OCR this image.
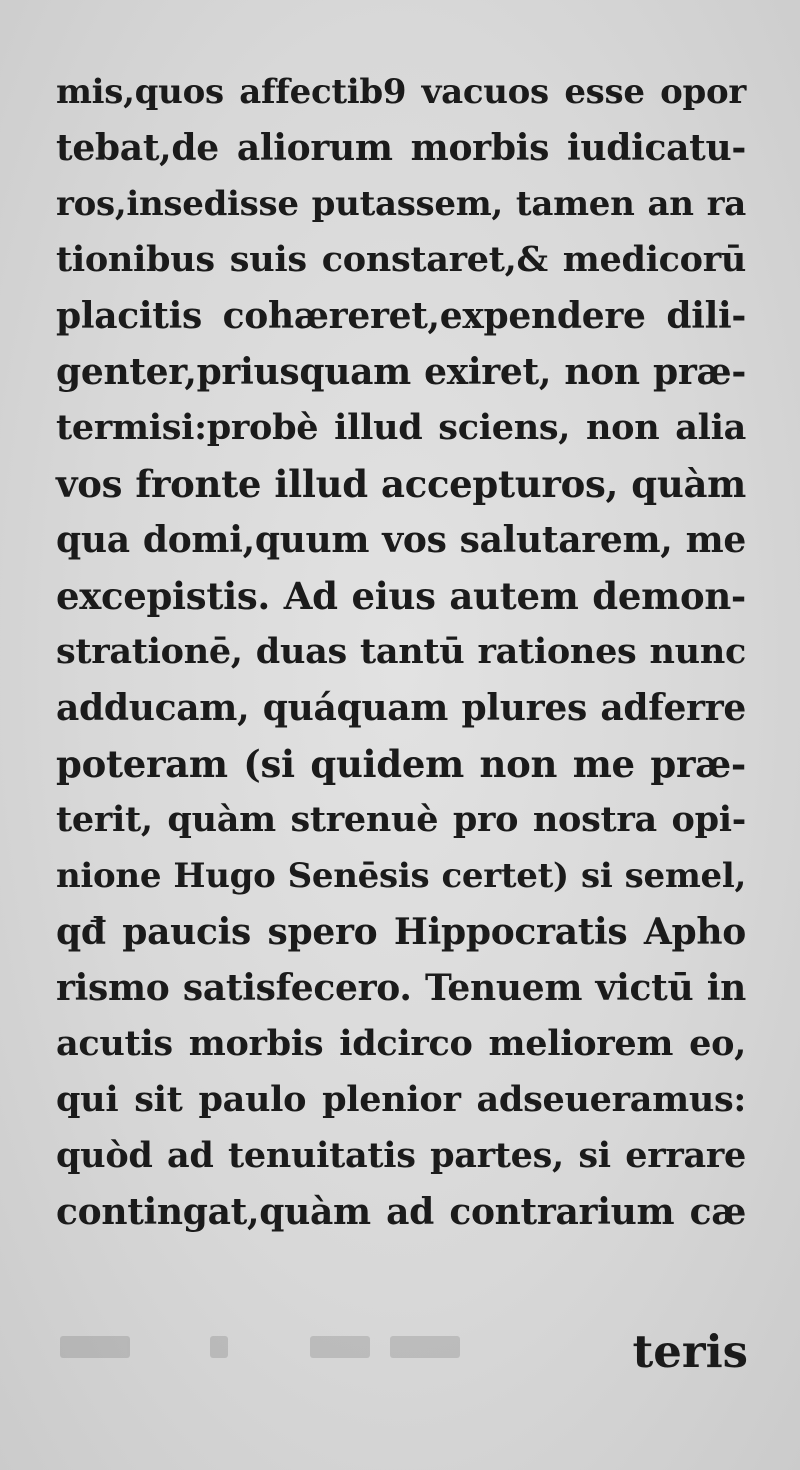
mis,quos affectib9 vacuos esse opor
tebat,de aliorum morbis iudicatu-
ros,insedisse putassem, tamen an ra
tionibus suis constaret,& medicorū
placitis cohæreret,expendere dili-
genter,priusquam exiret, non præ-
termisi:probè illud sciens, non alia
vos fronte illud accepturos, quàm
qua domi,quum vos salutarem, me
excepistis. Ad eius autem demon-
strationē, duas tantū rationes nunc
adducam, quáquam plures adferre
poteram (si quidem non me præ-
terit, quàm strenuè pro nostra opi-
nione Hugo Senēsis certet) si semel,
qđ paucis spero Hippocratis Apho
rismo satisfecero. Tenuem victū in
acutis morbis idcirco meliorem eo,
qui sit paulo plenior adseueramus:
quòd ad tenuitatis partes, si errare
contingat,quàm ad contrarium cæ
teris
